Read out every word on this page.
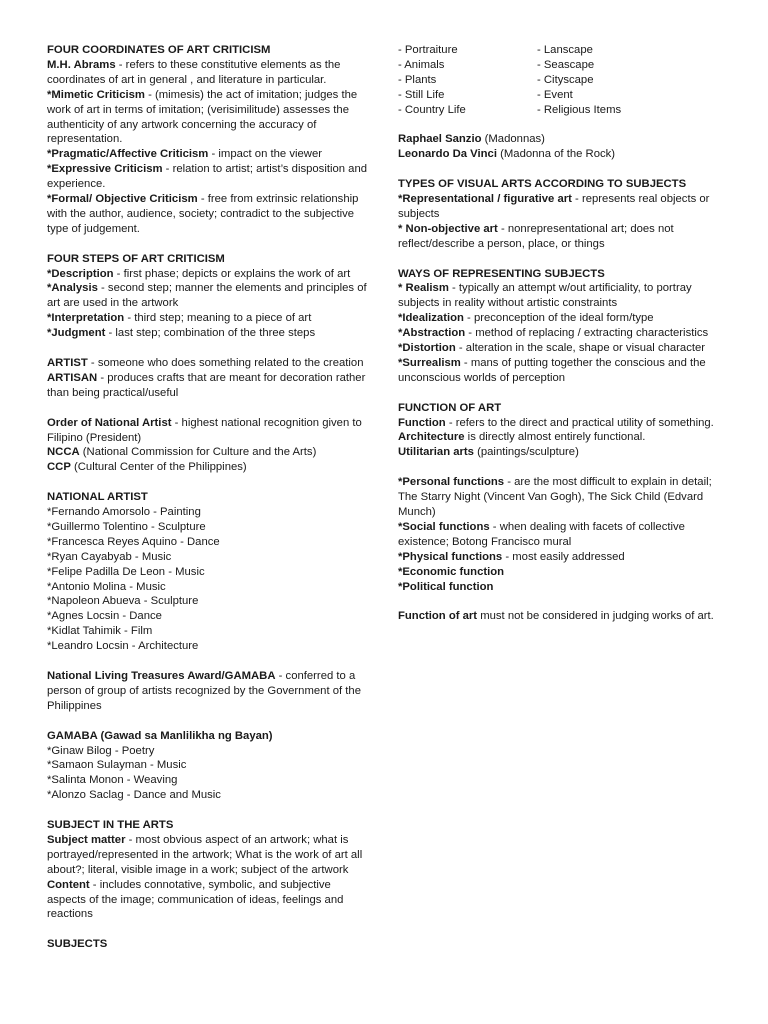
FOUR COORDINATES OF ART CRITICISM
M.H. Abrams - refers to these constitutive elements as the coordinates of art in general , and literature in particular.
*Mimetic Criticism - (mimesis) the act of imitation; judges the work of art in terms of imitation; (verisimilitude) assesses the authenticity of any artwork concerning the accuracy of representation.
*Pragmatic/Affective Criticism - impact on the viewer
*Expressive Criticism - relation to artist; artist’s disposition and experience.
*Formal/ Objective Criticism - free from extrinsic relationship with the author, audience, society; contradict to the subjective type of judgement.

FOUR STEPS OF ART CRITICISM
*Description - first phase; depicts or explains the work of art
*Analysis - second step; manner the elements and principles of art are used in the artwork
*Interpretation - third step; meaning to a piece of art
*Judgment - last step; combination of the three steps

ARTIST - someone who does something related to the creation
ARTISAN - produces crafts that are meant for decoration rather than being practical/useful

Order of National Artist - highest national recognition given to Filipino (President)
NCCA (National Commission for Culture and the Arts)
CCP (Cultural Center of the Philippines)

NATIONAL ARTIST
*Fernando Amorsolo - Painting
*Guillermo Tolentino - Sculpture
*Francesca Reyes Aquino - Dance
*Ryan Cayabyab - Music
*Felipe Padilla De Leon - Music
*Antonio Molina - Music
*Napoleon Abueva - Sculpture
*Agnes Locsin - Dance
*Kidlat Tahimik - Film
*Leandro Locsin - Architecture

National Living Treasures Award/GAMABA - conferred to a person of group of artists recognized by the Government of the Philippines

GAMABA (Gawad sa Manlilikha ng Bayan)
*Ginaw Bilog - Poetry
*Samaon Sulayman - Music
*Salinta Monon - Weaving
*Alonzo Saclag - Dance and Music

SUBJECT IN THE ARTS
Subject matter - most obvious aspect of an artwork; what is portrayed/represented in the artwork; What is the work of art all about?; literal, visible image in a work; subject of the artwork
Content - includes connotative, symbolic, and subjective aspects of the image; communication of ideas, feelings and reactions

SUBJECTS

- Portraiture	- Lanscape
- Animals	- Seascape
- Plants	- Cityscape
- Still Life	- Event
- Country Life	- Religious Items

Raphael Sanzio (Madonnas)
Leonardo Da Vinci (Madonna of the Rock)

TYPES OF VISUAL ARTS ACCORDING TO SUBJECTS
*Representational / figurative art - represents real objects or subjects
* Non-objective art - nonrepresentational art; does not reflect/describe a person, place, or things

WAYS OF REPRESENTING SUBJECTS
* Realism - typically an attempt w/out artificiality, to portray subjects in reality without artistic constraints
*Idealization - preconception of the ideal form/type
*Abstraction - method of replacing / extracting characteristics
*Distortion - alteration in the scale, shape or visual character
*Surrealism - mans of putting together the conscious and the unconscious worlds of perception

FUNCTION OF ART
Function - refers to the direct and practical utility of something. Architecture is directly almost entirely functional.
Utilitarian arts (paintings/sculpture)

*Personal functions - are the most difficult to explain in detail; The Starry Night (Vincent Van Gogh), The Sick Child (Edvard Munch)
*Social functions - when dealing with facets of collective existence; Botong Francisco mural
*Physical functions - most easily addressed
*Economic function
*Political function

Function of art must not be considered in judging works of art.
